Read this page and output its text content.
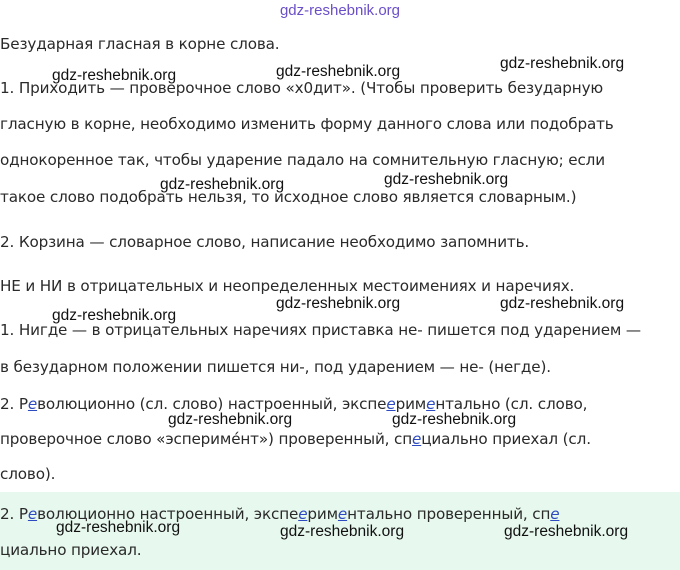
gdz-reshebnik.org
Безударная гласная в корне слова.
1. Приходить — проверочное слово «х0дит». (Чтобы проверить безударную
гласную в корне, необходимо изменить форму данного слова или подобрать
однокоренное так, чтобы ударение падало на сомнительную гласную; если
такое слово подобрать нельзя, то исходное слово является словарным.)
2. Корзина — словарное слово, написание необходимо запомнить.
НЕ и НИ в отрицательных и неопределенных местоимениях и наречиях.
1. Нигде — в отрицательных наречиях приставка не- пишется под ударением —
в безударном положении пишется ни-, под ударением — не- (негде).
2. Революционно (сл. слово) настроенный, экспеериментально (сл. слово,
проверочное слово «эсперимéнт») проверенный, специально приехал (сл.
слово).
2. Революционно настроенный, экспеериментально проверенный, спе
циально приехал.
gdz-reshebnik.org	gdz-reshebnik.org	gdz-reshebnik.org
gdz-reshebnik.org	gdz-reshebnik.org
gdz-reshebnik.org	gdz-reshebnik.org
gdz-reshebnik.org
gdz-reshebnik.org	gdz-reshebnik.org
gdz-reshebnik.org	gdz-reshebnik.org	gdz-reshebnik.org
